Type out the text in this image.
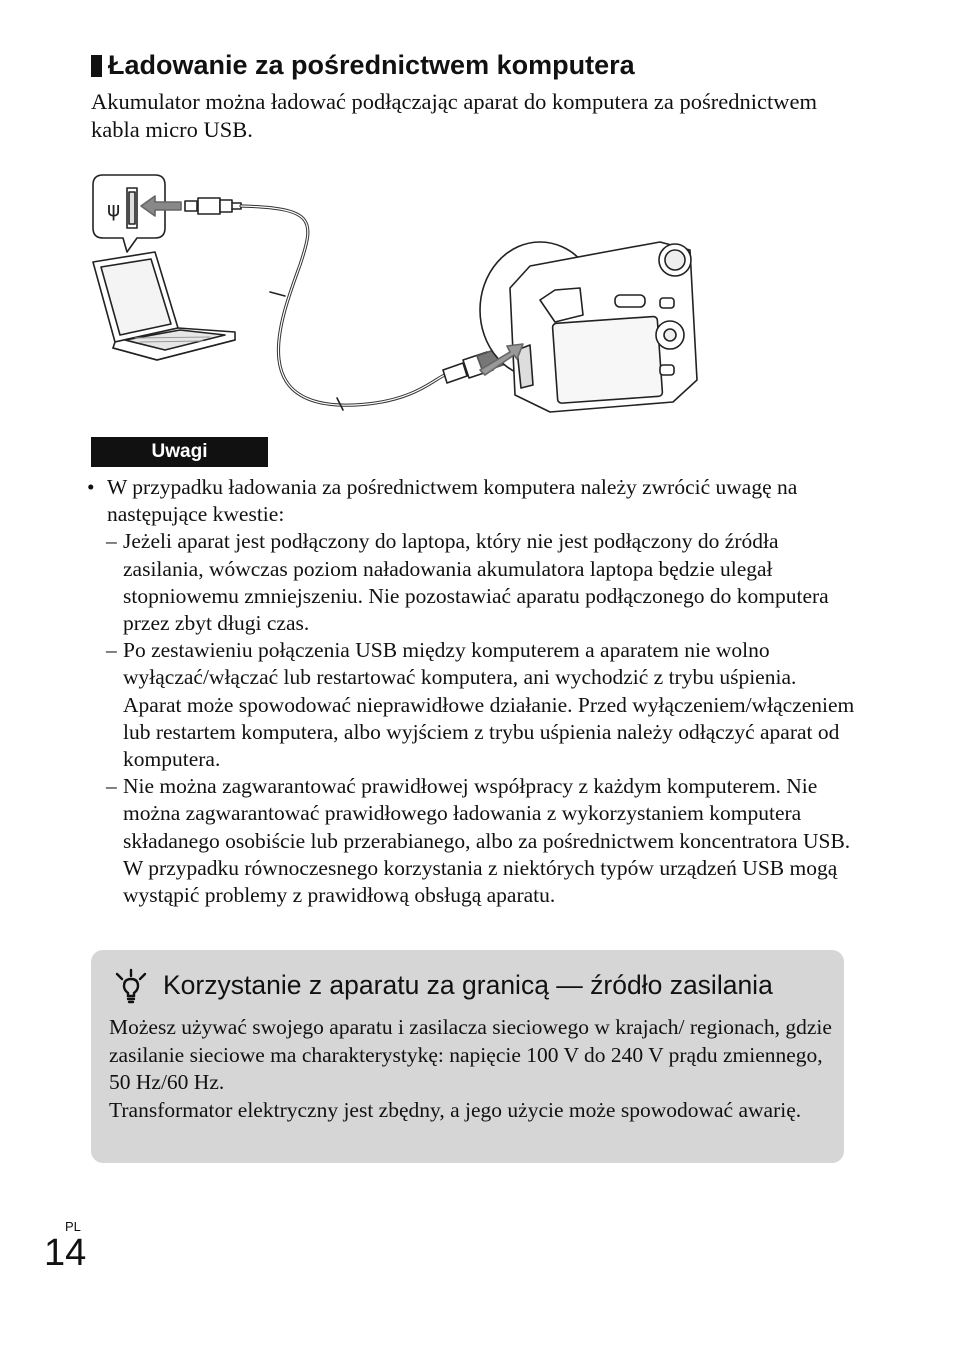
Ładowanie za pośrednictwem komputera

Akumulator można ładować podłączając aparat do komputera za pośrednictwem kabla micro USB.

ψ
Uwagi

• W przypadku ładowania za pośrednictwem komputera należy zwrócić uwagę na następujące kwestie:

– Jeżeli aparat jest podłączony do laptopa, który nie jest podłączony do źródła zasilania, wówczas poziom naładowania akumulatora laptopa będzie ulegał stopniowemu zmniejszeniu. Nie pozostawiać aparatu podłączonego do komputera przez zbyt długi czas.

– Po zestawieniu połączenia USB między komputerem a aparatem nie wolno wyłączać/włączać lub restartować komputera, ani wychodzić z trybu uśpienia. Aparat może spowodować nieprawidłowe działanie. Przed wyłączeniem/włączeniem lub restartem komputera, albo wyjściem z trybu uśpienia należy odłączyć aparat od komputera.

– Nie można zagwarantować prawidłowej współpracy z każdym komputerem. Nie można zagwarantować prawidłowego ładowania z wykorzystaniem komputera składanego osobiście lub przerabianego, albo za pośrednictwem koncentratora USB. W przypadku równoczesnego korzystania z niektórych typów urządzeń USB mogą wystąpić problemy z prawidłową obsługą aparatu.

Korzystanie z aparatu za granicą — źródło zasilania
Możesz używać swojego aparatu i zasilacza sieciowego w krajach/ regionach, gdzie zasilanie sieciowe ma charakterystykę: napięcie 100 V do 240 V prądu zmiennego, 50 Hz/60 Hz.
Transformator elektryczny jest zbędny, a jego użycie może spowodować awarię.
PL
14
